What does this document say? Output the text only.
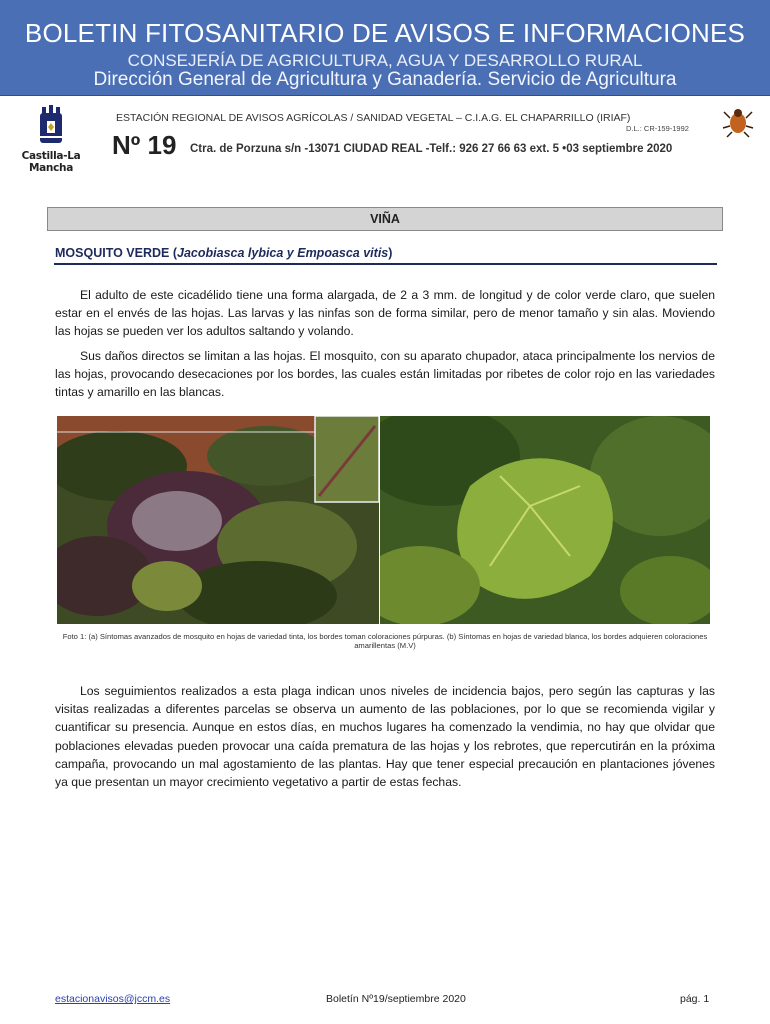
BOLETIN FITOSANITARIO DE AVISOS E INFORMACIONES
CONSEJERÍA DE AGRICULTURA, AGUA Y DESARROLLO RURAL
Dirección General de Agricultura y Ganadería. Servicio de Agricultura
Castilla-La Mancha
ESTACIÓN REGIONAL DE AVISOS AGRÍCOLAS / SANIDAD VEGETAL – C.I.A.G. EL CHAPARRILLO (IRIAF)
D.L.: CR-159-1992
Nº 19 Ctra. de Porzuna s/n -13071 CIUDAD REAL -Telf.: 926 27 66 63 ext. 5 •03 septiembre 2020
VIÑA
MOSQUITO VERDE (Jacobiasca lybica y Empoasca vitis)

El adulto de este cicadélido tiene una forma alargada, de 2 a 3 mm. de longitud y de color verde claro, que suelen estar en el envés de las hojas. Las larvas y las ninfas son de forma similar, pero de menor tamaño y sin alas. Moviendo las hojas se pueden ver los adultos saltando y volando.

Sus daños directos se limitan a las hojas. El mosquito, con su aparato chupador, ataca principalmente los nervios de las hojas, provocando desecaciones por los bordes, las cuales están limitadas por ribetes de color rojo en las variedades tintas y amarillo en las blancas.

Foto 1: (a) Síntomas avanzados de mosquito en hojas de variedad tinta, los bordes toman coloraciones púrpuras. (b) Síntomas en hojas de variedad blanca, los bordes adquieren coloraciones amarillentas (M.V)

Los seguimientos realizados a esta plaga indican unos niveles de incidencia bajos, pero según las capturas y las visitas realizadas a diferentes parcelas se observa un aumento de las poblaciones, por lo que se recomienda vigilar y cuantificar su presencia. Aunque en estos días, en muchos lugares ha comenzado la vendimia, no hay que olvidar que poblaciones elevadas pueden provocar una caída prematura de las hojas y los rebrotes, que repercutirán en la próxima campaña, provocando un mal agostamiento de las plantas. Hay que tener especial precaución en plantaciones jóvenes ya que presentan un mayor crecimiento vegetativo a partir de estas fechas.

estacionavisos@jccm.es	Boletín Nº19/septiembre 2020	pág. 1
